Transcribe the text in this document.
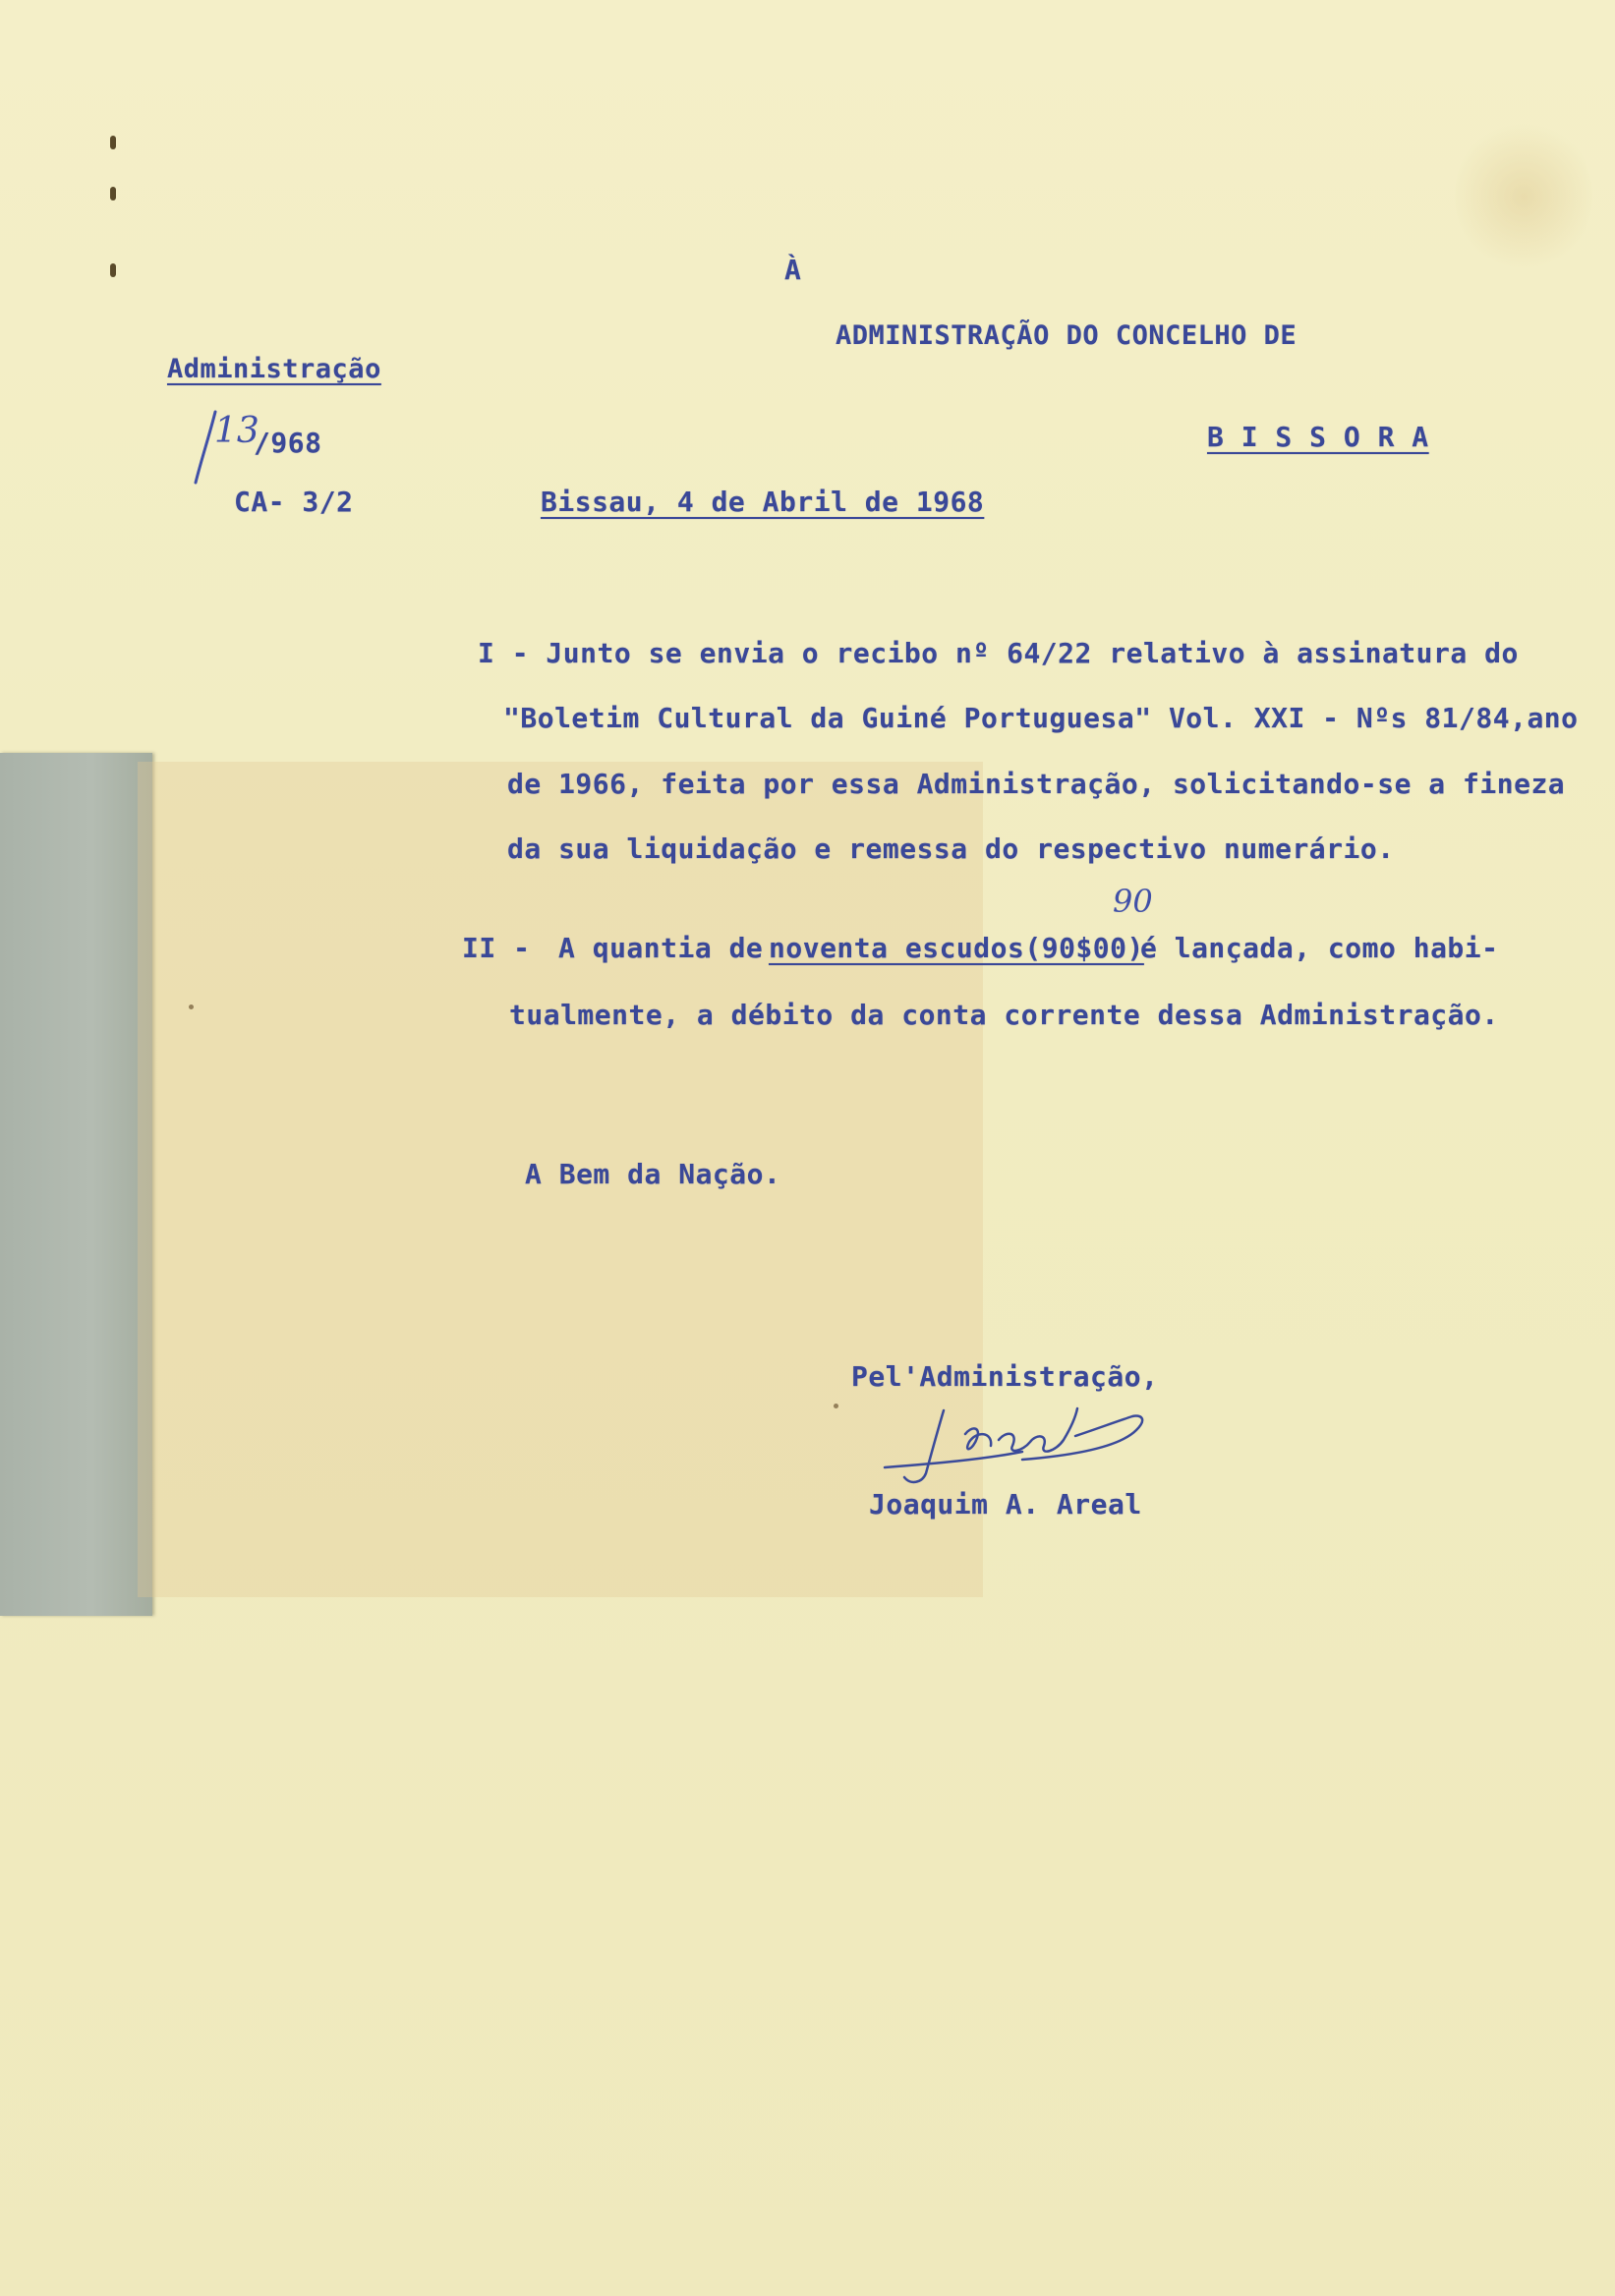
À
ADMINISTRAÇÃO DO CONCELHO DE
B I S S O R A
Administração
13
/968
CA- 3/2	Bissau, 4 de Abril de 1968
I - Junto se envia o recibo nº 64/22 relativo à assinatura do
"Boletim Cultural da Guiné Portuguesa" Vol. XXI - Nºs 81/84,ano
de 1966, feita por essa Administração, solicitando-se a fineza
da sua liquidação e remessa do respectivo numerário.
II - A quantia de noventa escudos(90$00)
é lançada, como habi-
tualmente, a débito da conta corrente dessa Administração.
90
A Bem da Nação.
Pel'Administração,
Joaquim A. Areal
